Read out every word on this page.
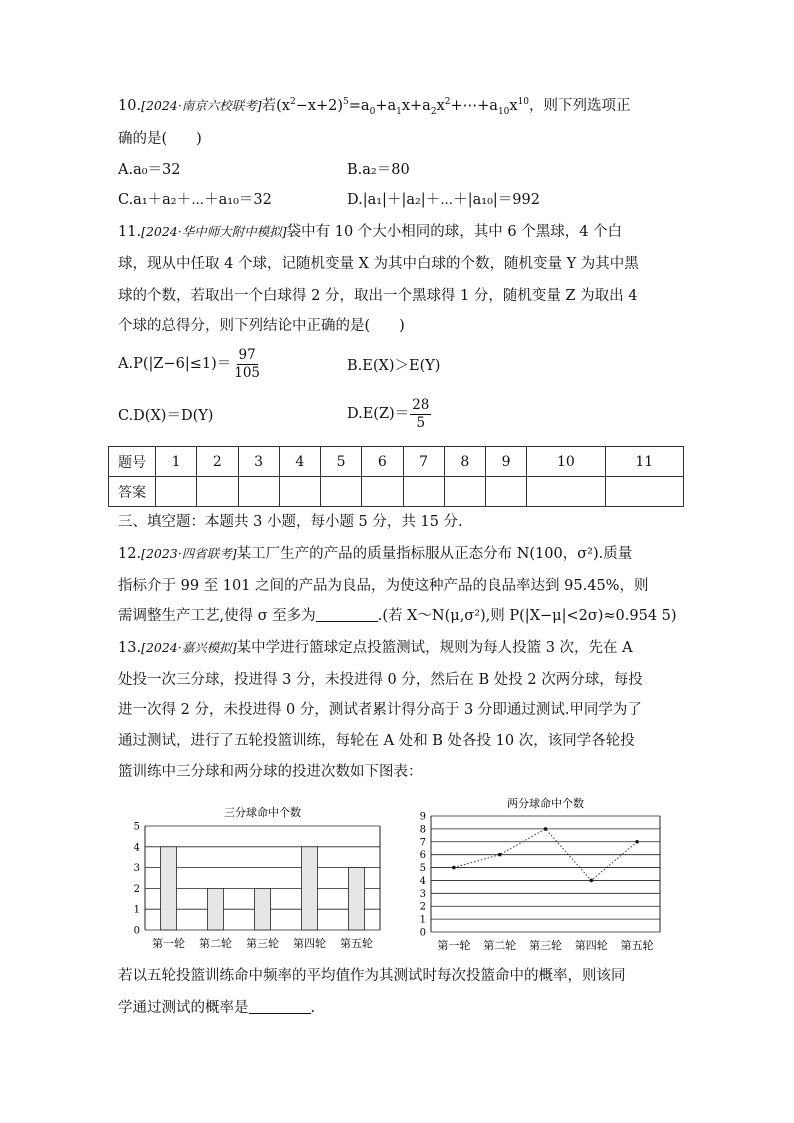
10.[2024·南京六校联考]若$(x^2-x+2)^5=a_0+a_1x+a_2x^2+\cdots+a_{10}x^{10}$，则下列选项正
确的是(　　)
A.a₀＝32	B.a₂＝80
C.a₁＋a₂＋⋯＋a₁₀＝32	D.|a₁|＋|a₂|＋⋯＋|a₁₀|＝992
11.[2024·华中师大附中模拟]袋中有 10 个大小相同的球，其中 6 个黑球，4 个白
球，现从中任取 4 个球，记随机变量 X 为其中白球的个数，随机变量 Y 为其中黑
球的个数，若取出一个白球得 2 分，取出一个黑球得 1 分，随机变量 Z 为取出 4
个球的总得分，则下列结论中正确的是(　　)
$A.P(|Z-6|\le 1)= \frac{97}{105}$	B.E(X)＞E(Y)
C.D(X)＝D(Y)	$D.E(Z)= \frac{28}{5}$
题号	1	2	3	4	5	6	7	8	9	10	11
答案											
三、填空题：本题共 3 小题，每小题 5 分，共 15 分.
12.[2023·四省联考]某工厂生产的产品的质量指标服从正态分布 N(100，σ²).质量
指标介于 99 至 101 之间的产品为良品，为使这种产品的良品率达到 95.45%，则
需调整生产工艺,使得 σ 至多为	.(若 X～N(μ,σ²),则 P(|X−μ|<2σ)≈0.954 5)
13.[2024·嘉兴模拟]某中学进行篮球定点投篮测试，规则为每人投篮 3 次，先在 A
处投一次三分球，投进得 3 分，未投进得 0 分，然后在 B 处投 2 次两分球，每投
进一次得 2 分，未投进得 0 分，测试者累计得分高于 3 分即通过测试.甲同学为了
通过测试，进行了五轮投篮训练，每轮在 A 处和 B 处各投 10 次，该同学各轮投
篮训练中三分球和两分球的投进次数如下图表：
三分球命中个数
0
1
2
3
4
5
第一轮 第二轮 第三轮 第四轮 第五轮
两分球命中个数
0
1
2
3
4
5
6
7
8
9
第一轮 第二轮 第三轮 第四轮 第五轮
若以五轮投篮训练命中频率的平均值作为其测试时每次投篮命中的概率，则该同
学通过测试的概率是	.
